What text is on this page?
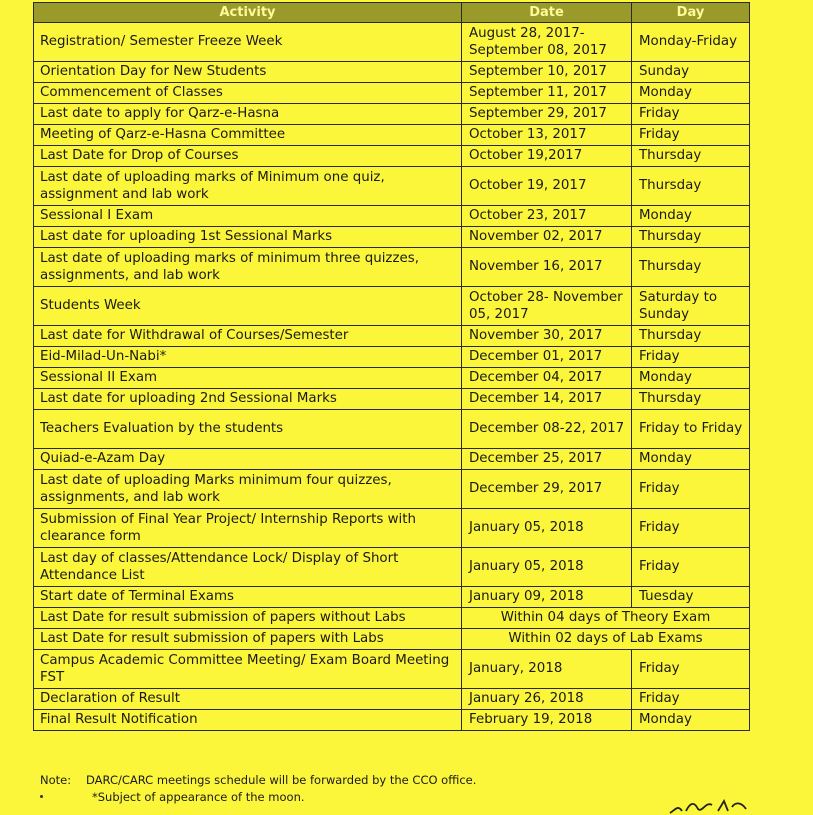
Activity	Date	Day
Registration/ Semester Freeze Week	August 28, 2017- September 08, 2017	Monday-Friday
Orientation Day for New Students	September 10, 2017	Sunday
Commencement of Classes	September 11, 2017	Monday
Last date to apply for Qarz-e-Hasna	September 29, 2017	Friday
Meeting of Qarz-e-Hasna Committee	October 13, 2017	Friday
Last Date for Drop of Courses	October 19,2017	Thursday
Last date of uploading marks of Minimum one quiz, assignment and lab work	October 19, 2017	Thursday
Sessional I Exam	October 23, 2017	Monday
Last date for uploading 1st Sessional Marks	November 02, 2017	Thursday
Last date of uploading marks of minimum three quizzes, assignments, and lab work	November 16, 2017	Thursday
Students Week	October 28- November 05, 2017	Saturday to Sunday
Last date for Withdrawal of Courses/Semester	November 30, 2017	Thursday
Eid-Milad-Un-Nabi*	December 01, 2017	Friday
Sessional II Exam	December 04, 2017	Monday
Last date for uploading 2nd Sessional Marks	December 14, 2017	Thursday
Teachers Evaluation by the students	December 08-22, 2017	Friday to Friday
Quiad-e-Azam Day	December 25, 2017	Monday
Last date of uploading Marks minimum four quizzes, assignments, and lab work	December 29, 2017	Friday
Submission of Final Year Project/ Internship Reports with clearance form	January 05, 2018	Friday
Last day of classes/Attendance Lock/ Display of Short Attendance List	January 05, 2018	Friday
Start date of Terminal Exams	January 09, 2018	Tuesday
Last Date for result submission of papers without Labs	Within 04 days of Theory Exam	
Last Date for result submission of papers with Labs	Within 02 days of Lab Exams	
Campus Academic Committee Meeting/ Exam Board Meeting FST	January, 2018	Friday
Declaration of Result	January 26, 2018	Friday
Final Result Notification	February 19, 2018	Monday
Note: DARC/CARC meetings schedule will be forwarded by the CCO office.
*Subject of appearance of the moon.
